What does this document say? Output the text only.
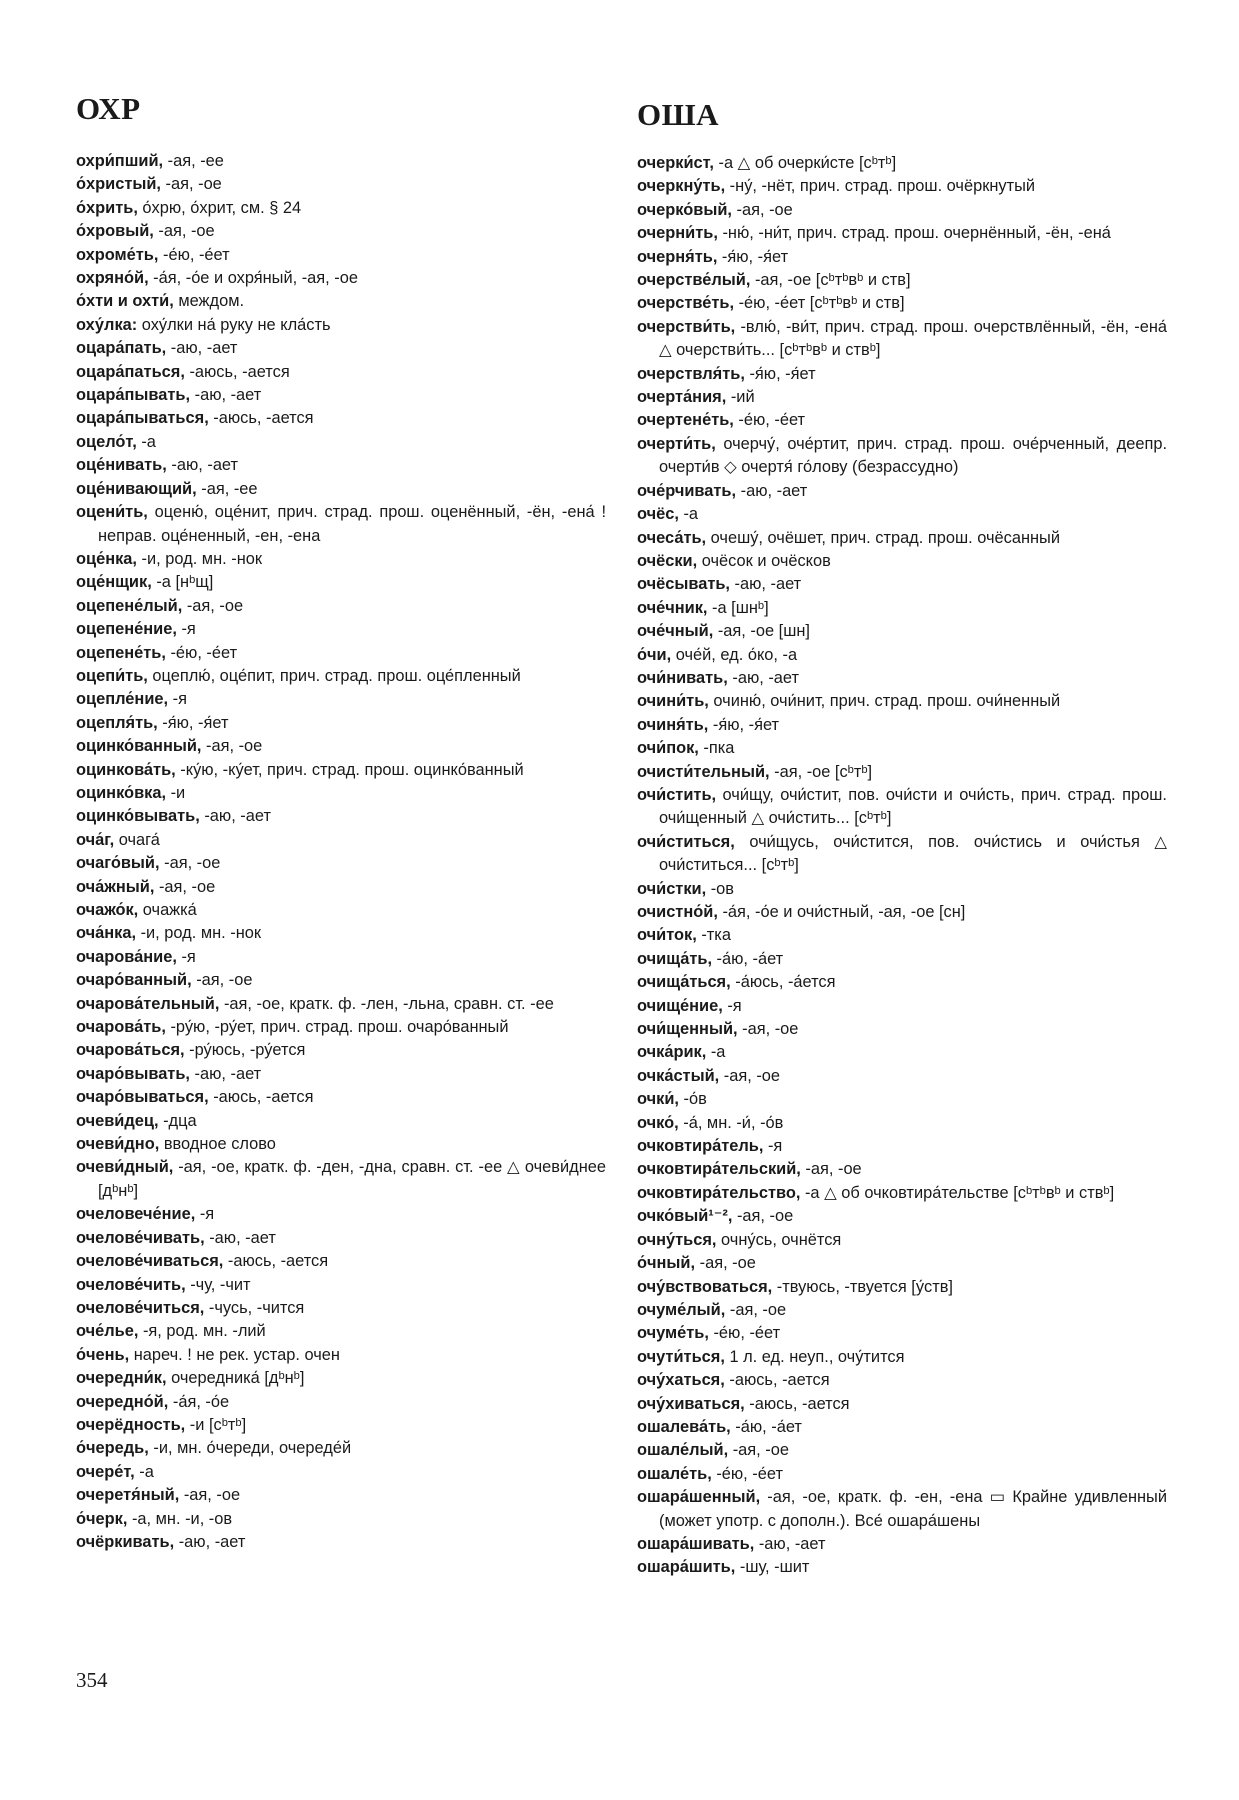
ОХР

охри́пший, -ая, -ее

о́христый, -ая, -ое

о́хрить, о́хрю, о́хрит, см. § 24

о́хровый, -ая, -ое

охроме́ть, -е́ю, -е́ет

охряно́й, -а́я, -о́е и охря́ный, -ая, -ое

о́хти и охти́, междом.

оху́лка: оху́лки на́ руку не кла́сть

оцара́пать, -аю, -ает

оцара́паться, -аюсь, -ается

оцара́пывать, -аю, -ает

оцара́пываться, -аюсь, -ается

оцело́т, -а

оце́нивать, -аю, -ает

оце́нивающий, -ая, -ее

оцени́ть, оценю́, оце́нит, прич. страд. прош. оценённый, -ён, -ена́ ! неправ. оце́ненный, -ен, -ена

оце́нка, -и, род. мн. -нок

оце́нщик, -а [нᵇщ]

оцепене́лый, -ая, -ое

оцепене́ние, -я

оцепене́ть, -е́ю, -е́ет

оцепи́ть, оцеплю́, оце́пит, прич. страд. прош. оце́пленный

оцепле́ние, -я

оцепля́ть, -я́ю, -я́ет

оцинко́ванный, -ая, -ое

оцинкова́ть, -ку́ю, -ку́ет, прич. страд. прош. оцинко́ванный

оцинко́вка, -и

оцинко́вывать, -аю, -ает

оча́г, очага́

очаго́вый, -ая, -ое

оча́жный, -ая, -ое

очажо́к, очажка́

оча́нка, -и, род. мн. -нок

очарова́ние, -я

очаро́ванный, -ая, -ое

очарова́тельный, -ая, -ое, кратк. ф. -лен, -льна, сравн. ст. -ее

очарова́ть, -ру́ю, -ру́ет, прич. страд. прош. очаро́ванный

очарова́ться, -ру́юсь, -ру́ется

очаро́вывать, -аю, -ает

очаро́вываться, -аюсь, -ается

очеви́дец, -дца

очеви́дно, вводное слово

очеви́дный, -ая, -ое, кратк. ф. -ден, -дна, сравн. ст. -ее △ очеви́днее [дᵇнᵇ]

очеловече́ние, -я

очелове́чивать, -аю, -ает

очелове́чиваться, -аюсь, -ается

очелове́чить, -чу, -чит

очелове́читься, -чусь, -чится

оче́лье, -я, род. мн. -лий

о́чень, нареч. ! не рек. устар. очен

очередни́к, очередника́ [дᵇнᵇ]

очередно́й, -а́я, -о́е

очерёдность, -и [сᵇтᵇ]

о́чередь, -и, мн. о́череди, очереде́й

очере́т, -а

очеретя́ный, -ая, -ое

о́черк, -а, мн. -и, -ов

очёркивать, -аю, -ает

ОША

очерки́ст, -а △ об очерки́сте [сᵇтᵇ]

очеркну́ть, -ну́, -нёт, прич. страд. прош. очёркнутый

очерко́вый, -ая, -ое

очерни́ть, -ню́, -ни́т, прич. страд. прош. очернённый, -ён, -ена́

очерня́ть, -я́ю, -я́ет

очерстве́лый, -ая, -ое [сᵇтᵇвᵇ и ств]

очерстве́ть, -е́ю, -е́ет [сᵇтᵇвᵇ и ств]

очерстви́ть, -влю́, -ви́т, прич. страд. прош. очерствлённый, -ён, -ена́ △ очерстви́ть... [сᵇтᵇвᵇ и ствᵇ]

очерствля́ть, -я́ю, -я́ет

очерта́ния, -ий

очертене́ть, -е́ю, -е́ет

очерти́ть, очерчу́, оче́ртит, прич. страд. прош. оче́рченный, деепр. очерти́в ◇ очертя́ го́лову (безрассудно)

оче́рчивать, -аю, -ает

очёс, -а

очеса́ть, очешу́, очёшет, прич. страд. прош. очёсанный

очёски, очёсок и очёсков

очёсывать, -аю, -ает

оче́чник, -а [шнᵇ]

оче́чный, -ая, -ое [шн]

о́чи, оче́й, ед. о́ко, -а

очи́нивать, -аю, -ает

очини́ть, очиню́, очи́нит, прич. страд. прош. очи́ненный

очиня́ть, -я́ю, -я́ет

очи́пок, -пка

очисти́тельный, -ая, -ое [сᵇтᵇ]

очи́стить, очи́щу, очи́стит, пов. очи́сти и очи́сть, прич. страд. прош. очи́щенный △ очи́стить... [сᵇтᵇ]

очи́ститься, очи́щусь, очи́стится, пов. очи́стись и очи́стья △ очи́ститься... [сᵇтᵇ]

очи́стки, -ов

очистно́й, -а́я, -о́е и очи́стный, -ая, -ое [сн]

очи́ток, -тка

очища́ть, -а́ю, -а́ет

очища́ться, -а́юсь, -а́ется

очище́ние, -я

очи́щенный, -ая, -ое

очка́рик, -а

очка́стый, -ая, -ое

очки́, -о́в

очко́, -а́, мн. -и́, -о́в

очковтира́тель, -я

очковтира́тельский, -ая, -ое

очковтира́тельство, -а △ об очковтира́тельстве [сᵇтᵇвᵇ и ствᵇ]

очко́вый¹⁻², -ая, -ое

очну́ться, очну́сь, очнётся

о́чный, -ая, -ое

очу́вствоваться, -твуюсь, -твуется [у́ств]

очуме́лый, -ая, -ое

очуме́ть, -е́ю, -е́ет

очути́ться, 1 л. ед. неуп., очу́тится

очу́хаться, -аюсь, -ается

очу́хиваться, -аюсь, -ается

ошалева́ть, -а́ю, -а́ет

ошале́лый, -ая, -ое

ошале́ть, -е́ю, -е́ет

ошара́шенный, -ая, -ое, кратк. ф. -ен, -ена ▭ Крайне удивленный (может употр. с дополн.). Все́ ошара́шены

ошара́шивать, -аю, -ает

ошара́шить, -шу, -шит

354
